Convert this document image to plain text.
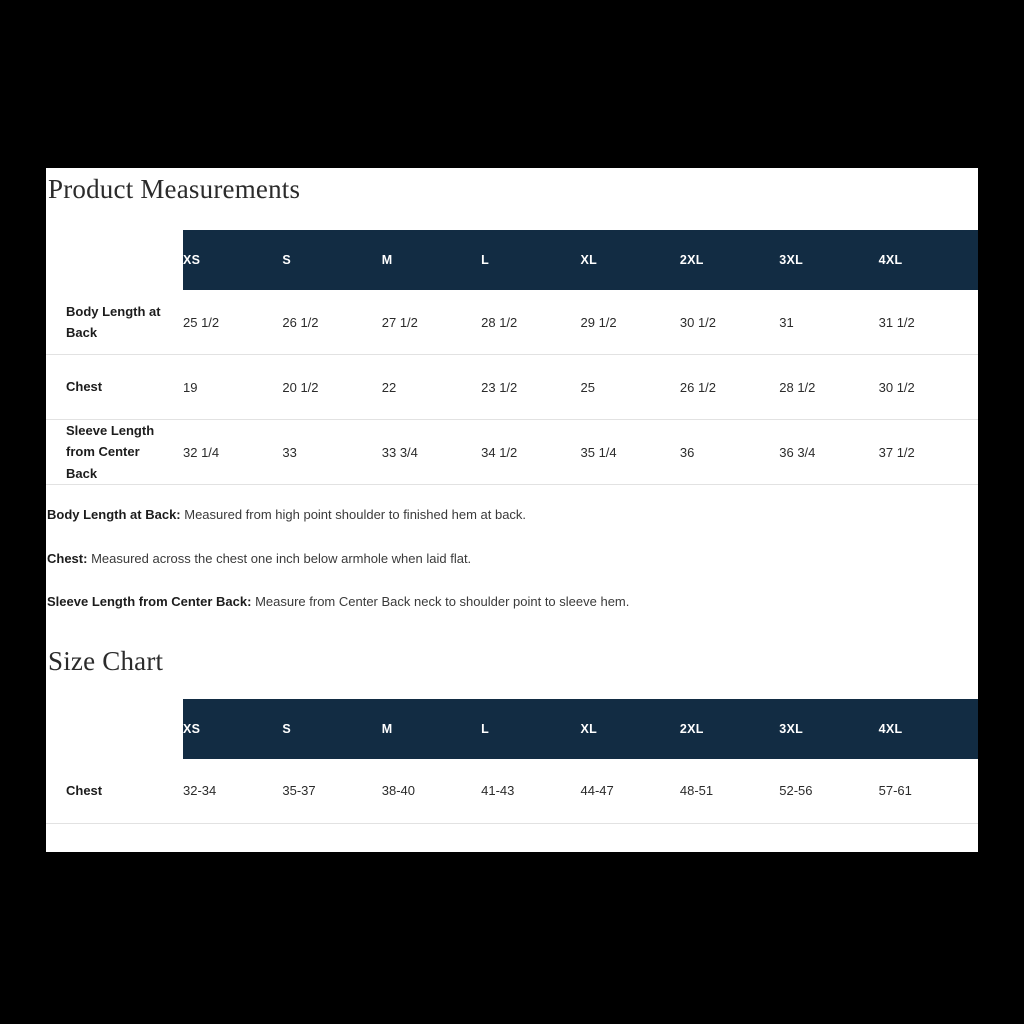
Product Measurements
	XS	S	M	L	XL	2XL	3XL	4XL
Body Length at Back	25 1/2	26 1/2	27 1/2	28 1/2	29 1/2	30 1/2	31	31 1/2
Chest	19	20 1/2	22	23 1/2	25	26 1/2	28 1/2	30 1/2
Sleeve Length from Center Back	32 1/4	33	33 3/4	34 1/2	35 1/4	36	36 3/4	37 1/2

Body Length at Back: Measured from high point shoulder to finished hem at back.

Chest: Measured across the chest one inch below armhole when laid flat.

Sleeve Length from Center Back: Measure from Center Back neck to shoulder point to sleeve hem.

Size Chart
	XS	S	M	L	XL	2XL	3XL	4XL
Chest	32-34	35-37	38-40	41-43	44-47	48-51	52-56	57-61
